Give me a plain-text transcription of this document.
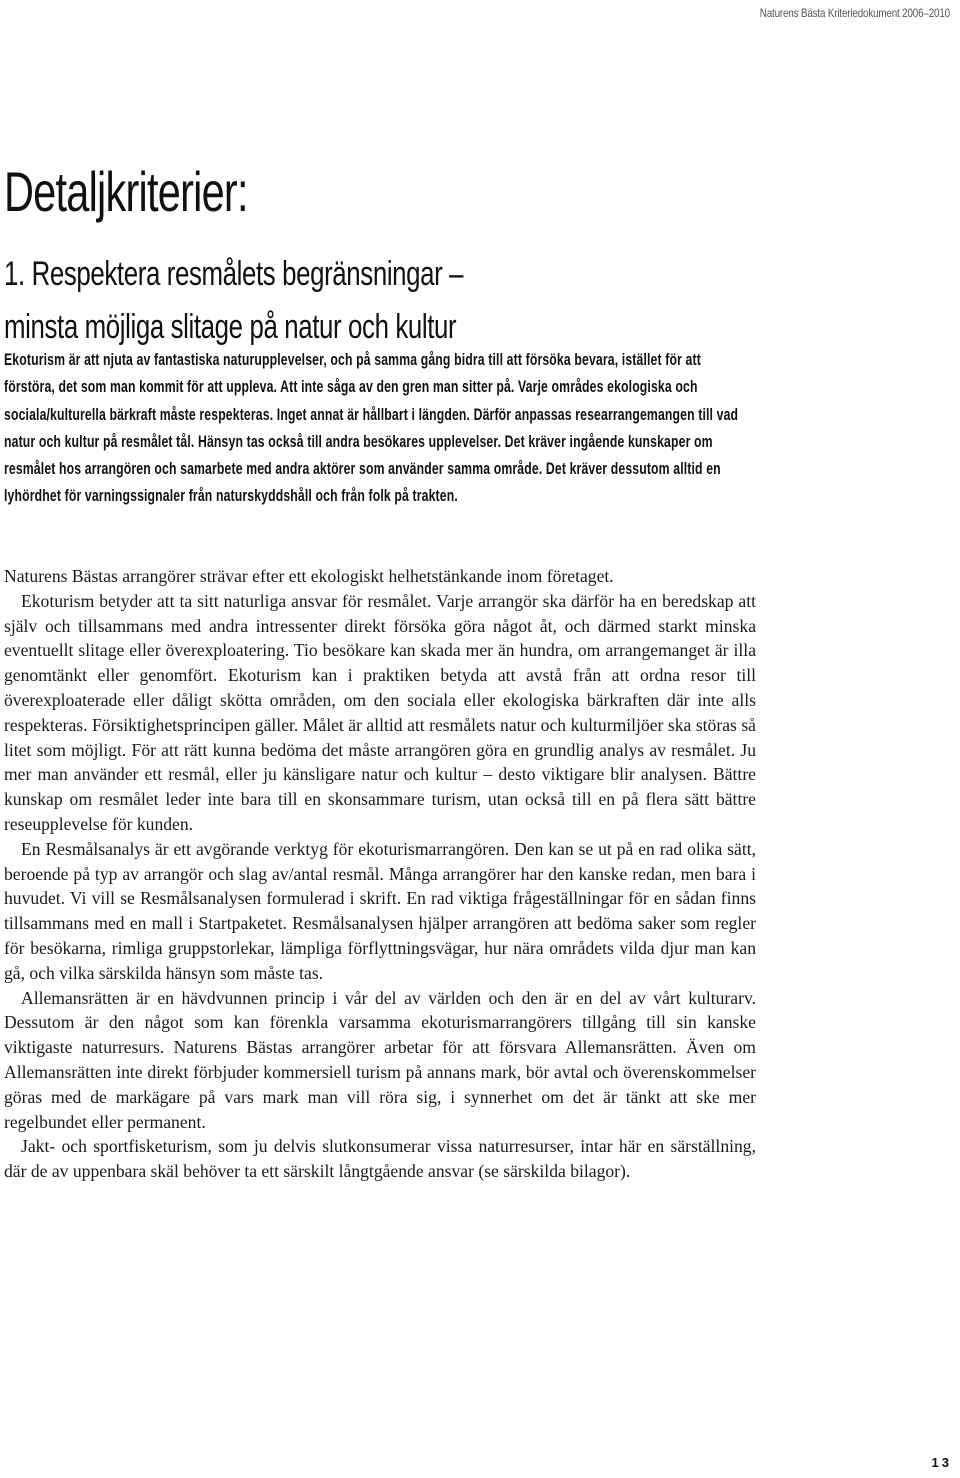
Naturens Bästa Kriteriedokument 2006–2010
Detaljkriterier:
1. Respektera resmålets begränsningar –
minsta möjliga slitage på natur och kultur

Ekoturism är att njuta av fantastiska naturupplevelser, och på samma gång bidra till att försöka bevara, istället för att förstöra, det som man kommit för att uppleva. Att inte såga av den gren man sitter på. Varje områdes ekologiska och sociala/kulturella bärkraft måste respekteras. Inget annat är hållbart i längden. Därför anpassas researrangemangen till vad natur och kultur på resmålet tål. Hänsyn tas också till andra besökares upplevelser. Det kräver ingående kunskaper om resmålet hos arrangören och samarbete med andra aktörer som använder samma område. Det kräver dessutom alltid en lyhördhet för varningssignaler från naturskyddshåll och från folk på trakten.

Naturens Bästas arrangörer strävar efter ett ekologiskt helhetstänkande inom företaget.

Ekoturism betyder att ta sitt naturliga ansvar för resmålet. Varje arrangör ska därför ha en beredskap att själv och tillsammans med andra intressenter direkt försöka göra något åt, och därmed starkt minska eventuellt slitage eller överexploatering. Tio besökare kan skada mer än hundra, om arrangemanget är illa genomtänkt eller genomfört. Ekoturism kan i praktiken betyda att avstå från att ordna resor till överexploaterade eller dåligt skötta områden, om den sociala eller ekologiska bärkraften där inte alls respekteras. Försiktighetsprincipen gäller. Målet är alltid att resmålets natur och kulturmiljöer ska störas så litet som möjligt. För att rätt kunna bedöma det måste arrangören göra en grundlig analys av resmålet. Ju mer man använder ett resmål, eller ju känsligare natur och kultur – desto viktigare blir analysen. Bättre kunskap om resmålet leder inte bara till en skonsammare turism, utan också till en på flera sätt bättre reseupplevelse för kunden.

En Resmålsanalys är ett avgörande verktyg för ekoturismarrangören. Den kan se ut på en rad olika sätt, beroende på typ av arrangör och slag av/antal resmål. Många arrangörer har den kanske redan, men bara i huvudet. Vi vill se Resmålsanalysen formulerad i skrift. En rad viktiga frågeställningar för en sådan finns tillsammans med en mall i Startpaketet. Resmålsanalysen hjälper arrangören att bedöma saker som regler för besökarna, rimliga gruppstorlekar, lämpliga förflyttningsvägar, hur nära områdets vilda djur man kan gå, och vilka särskilda hänsyn som måste tas.

Allemansrätten är en hävdvunnen princip i vår del av världen och den är en del av vårt kulturarv. Dessutom är den något som kan förenkla varsamma ekoturismarrangörers tillgång till sin kanske viktigaste naturresurs. Naturens Bästas arrangörer arbetar för att försvara Allemansrätten. Även om Allemansrätten inte direkt förbjuder kommersiell turism på annans mark, bör avtal och överenskommelser göras med de markägare på vars mark man vill röra sig, i synnerhet om det är tänkt att ske mer regelbundet eller permanent.

Jakt- och sportfisketurism, som ju delvis slutkonsumerar vissa naturresurser, intar här en särställning, där de av uppenbara skäl behöver ta ett särskilt långtgående ansvar (se särskilda bilagor).

13
